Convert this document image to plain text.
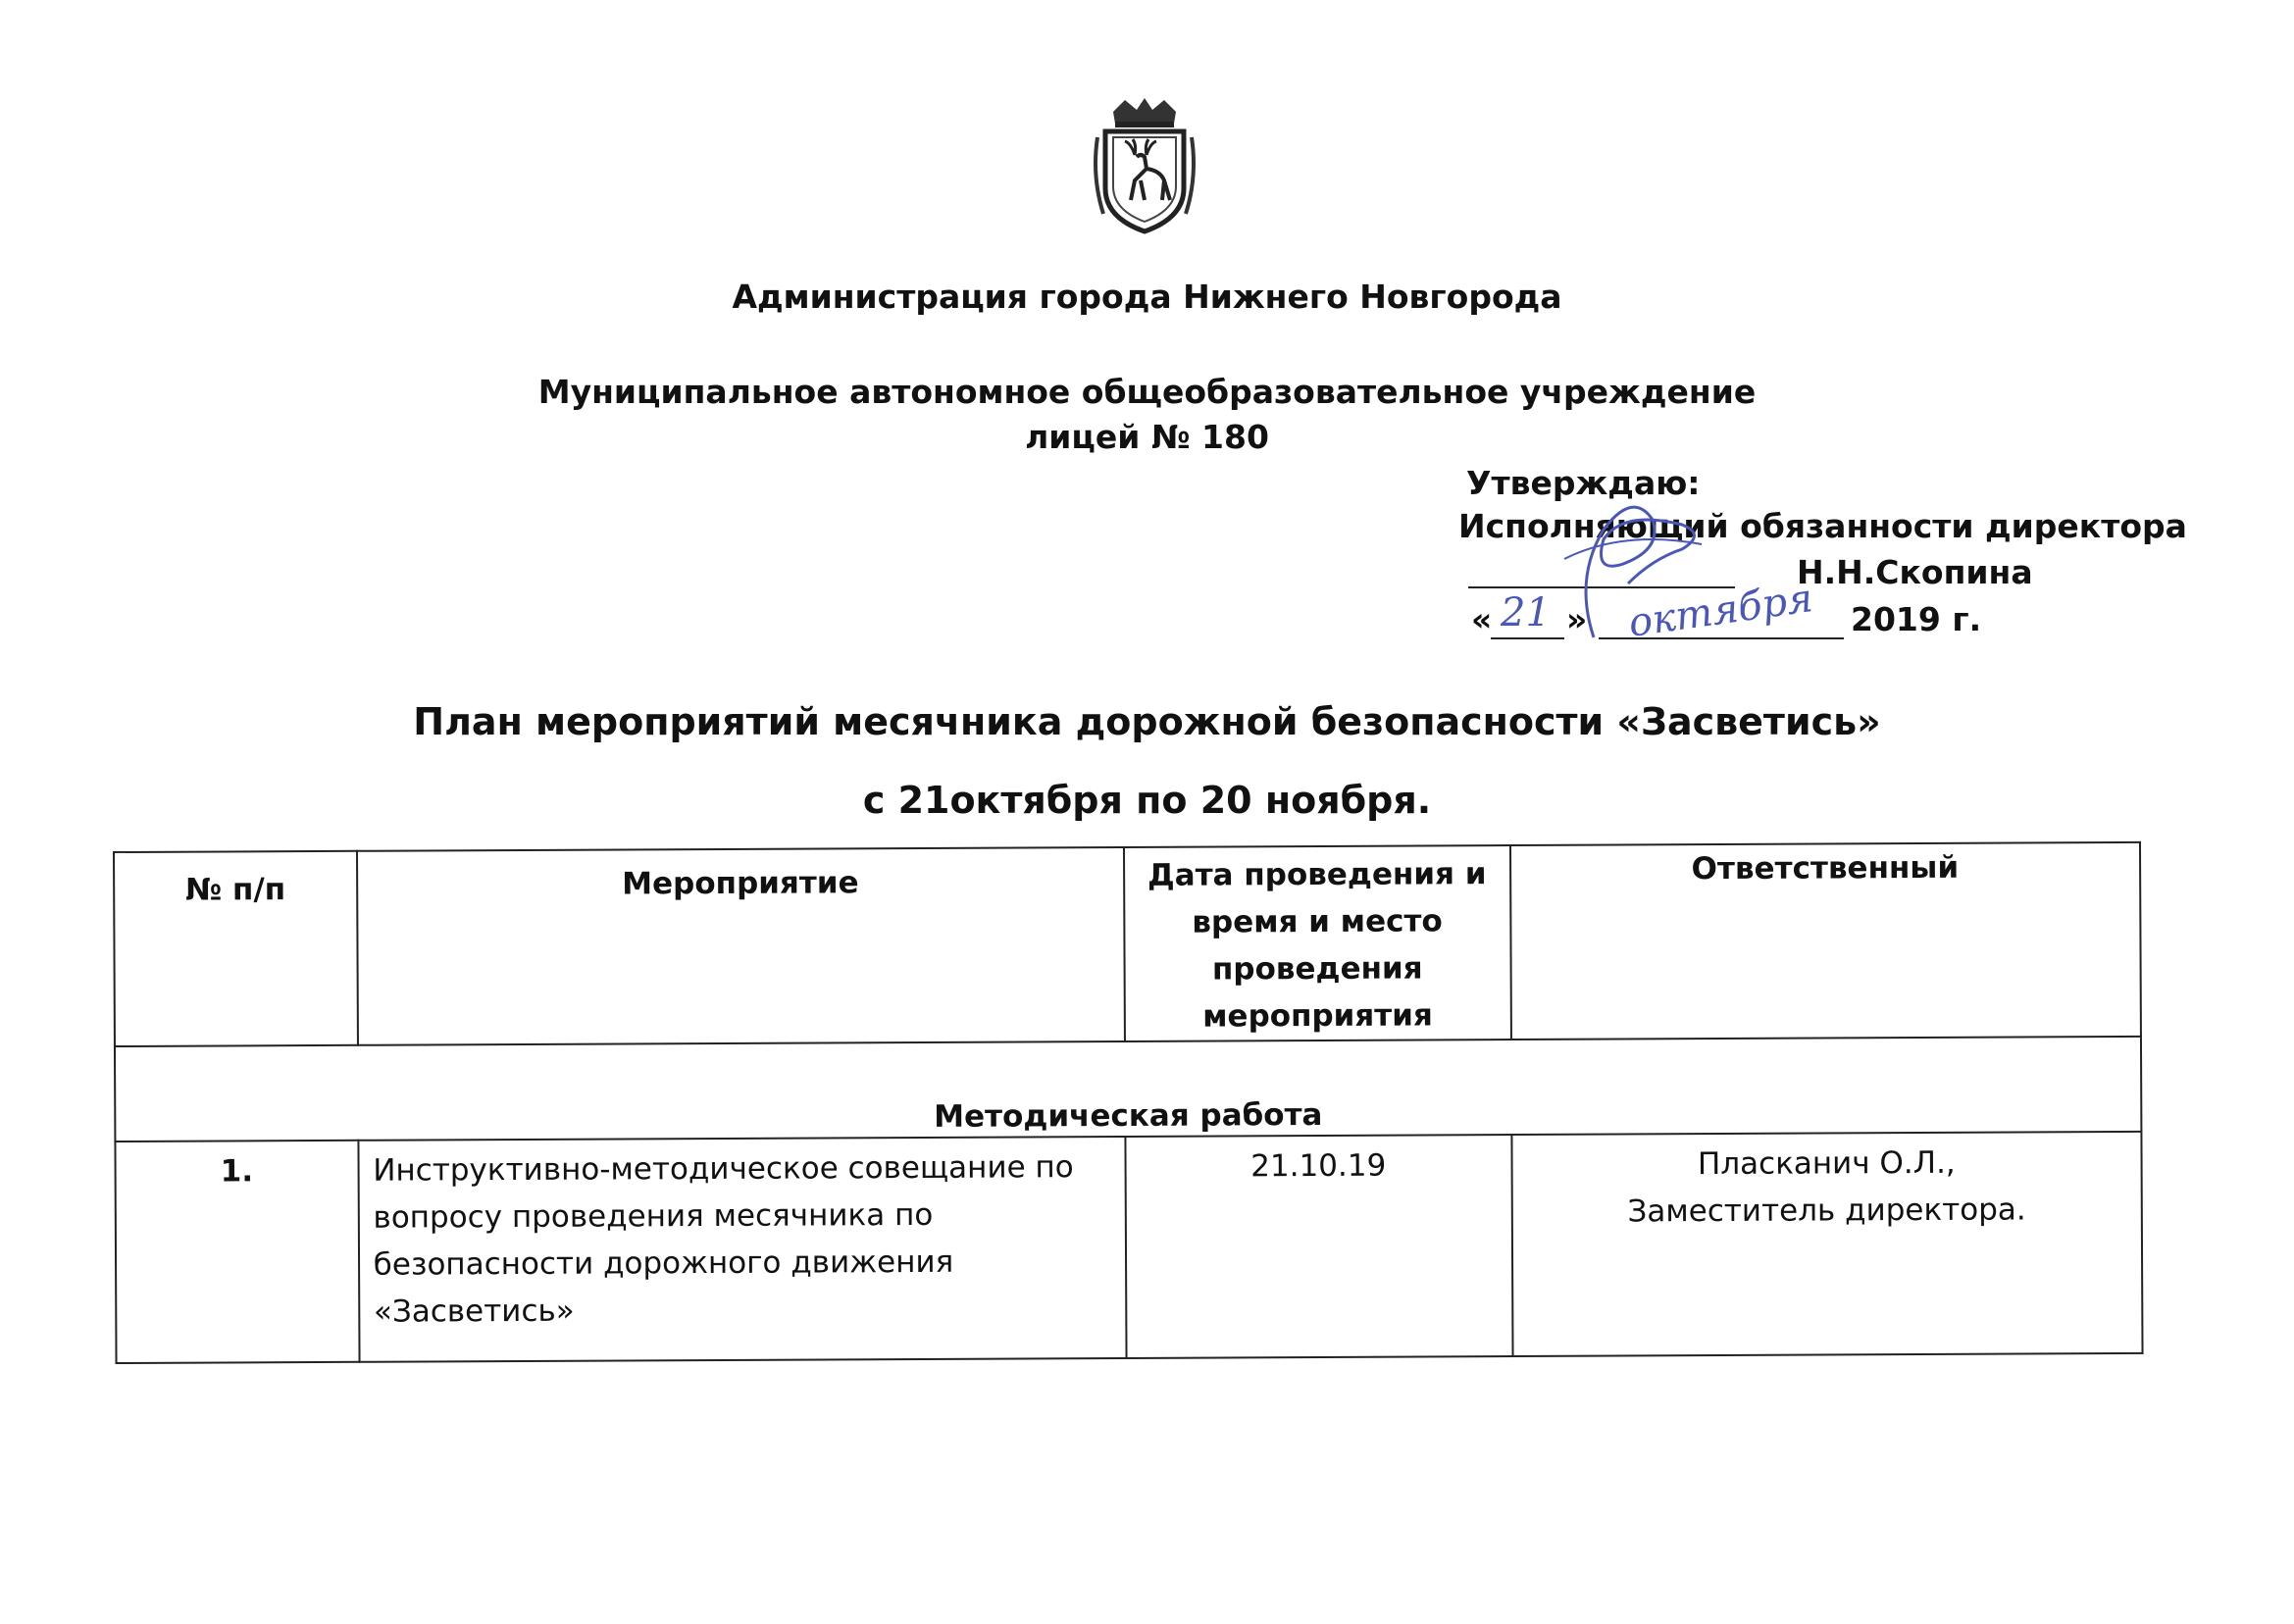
Администрация города Нижнего Новгорода
Муниципальное автономное общеобразовательное учреждение
лицей № 180
Утверждаю:
Исполняющий обязанности директора
Н.Н.Скопина
« 21 » октября 2019 г.
План мероприятий месячника дорожной безопасности «Засветись»
с 21октября по 20 ноября.
№ п/п	Мероприятие	Дата проведения и время и место проведения мероприятия	Ответственный
Методическая работа			
1.	Инструктивно-методическое совещание по вопросу проведения месячника по безопасности дорожного движения «Засветись»	21.10.19	Пласканич О.Л.,
Заместитель директора.
